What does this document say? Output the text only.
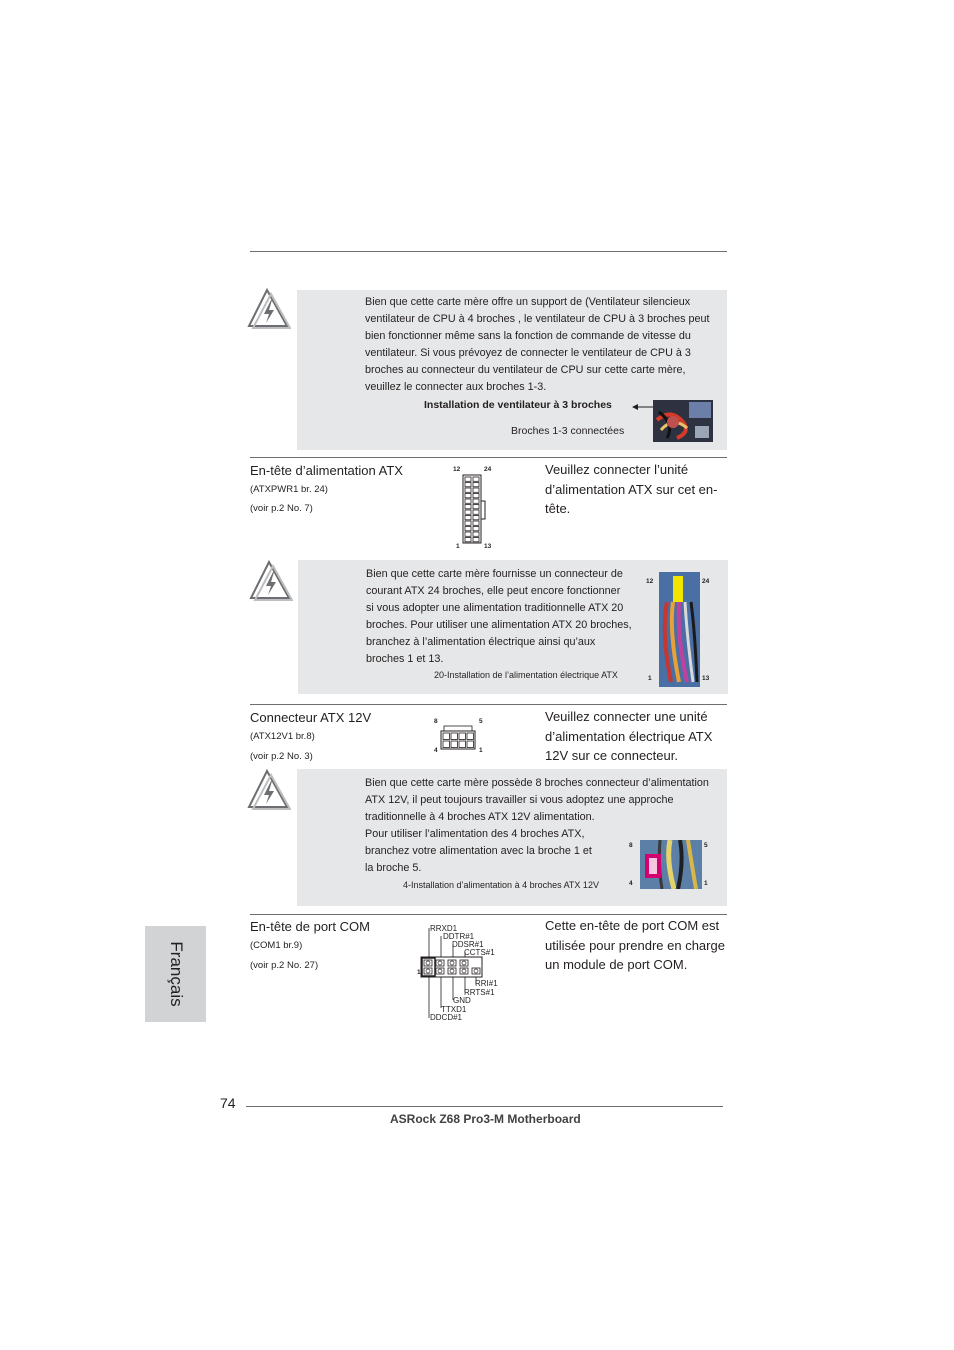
Bien que cette carte mère offre un support de (Ventilateur silencieux
ventilateur de CPU à 4 broches , le ventilateur de CPU à 3 broches peut
bien fonctionner même sans la fonction de commande de vitesse du
ventilateur. Si vous prévoyez de connecter le ventilateur de CPU à 3
broches au connecteur du ventilateur de CPU sur cette carte mère,
veuillez le connecter aux broches 1-3.
Installation de ventilateur à 3 broches
Broches 1-3 connectées
En-tête d’alimentation ATX
(ATXPWR1 br. 24)
(voir p.2 No. 7)
12	24
1	13
Veuillez connecter l’unité
d’alimentation ATX sur cet en-
tête.
Bien que cette carte mère fournisse un connecteur de
courant ATX 24 broches, elle peut encore fonctionner
si vous adopter une alimentation traditionnelle ATX 20
broches. Pour utiliser une alimentation ATX 20 broches,
branchez à l’alimentation électrique ainsi qu’aux
broches 1 et 13.
20-Installation de l’alimentation électrique ATX
12	24
1	13
Connecteur ATX 12V
(ATX12V1 br.8)
(voir p.2 No. 3)
8	5
4	1
Veuillez connecter une unité
d’alimentation électrique ATX
12V sur ce connecteur.
Bien que cette carte mère possède 8 broches connecteur d’alimentation
ATX 12V, il peut toujours travailler si vous adoptez une approche
traditionnelle à 4 broches ATX 12V alimentation.
Pour utiliser l’alimentation des 4 broches ATX,
branchez votre alimentation avec la broche 1 et
la broche 5.
4-Installation d’alimentation à 4 broches ATX 12V
8	5
4	1
En-tête de port COM
(COM1 br.9)
(voir p.2 No. 27)
Cette en-tête de port COM est
utilisée pour prendre en charge
un module de port COM.
RRXD1
DDTR#1
DDSR#1
CCTS#1
RRI#1
RRTS#1
GND
TTXD1
DDCD#1
1
Français
74
ASRock Z68 Pro3-M Motherboard
